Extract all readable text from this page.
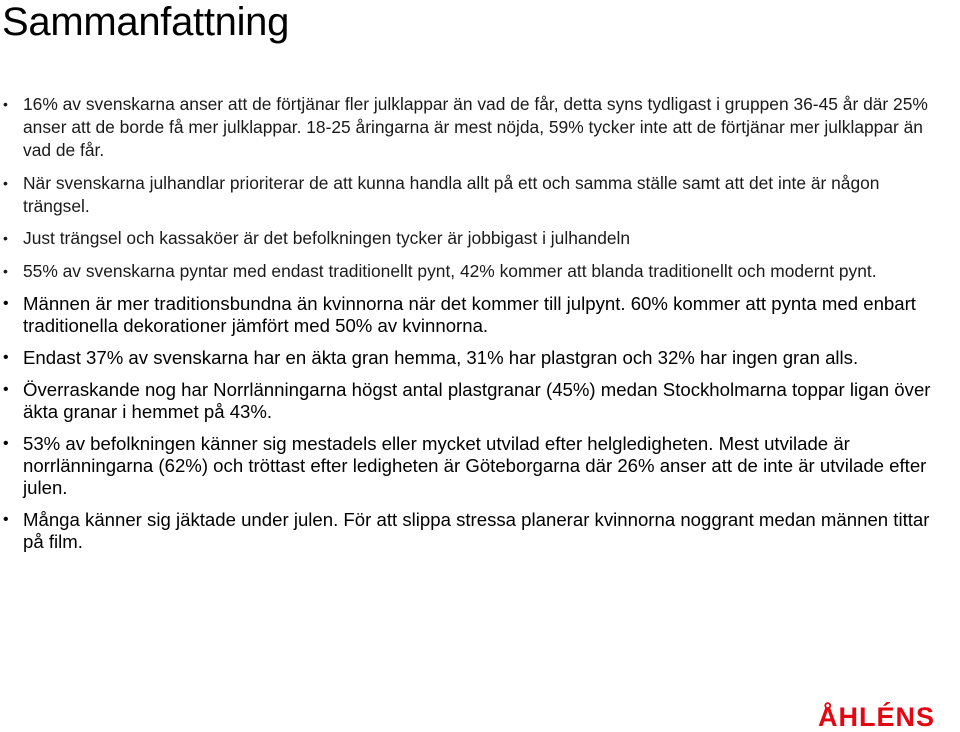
Sammanfattning
• 16% av svenskarna anser att de förtjänar fler julklappar än vad de får, detta syns tydligast i gruppen 36-45 år där 25% anser att de borde få mer julklappar. 18-25 åringarna är mest nöjda, 59% tycker inte att de förtjänar mer julklappar än vad de får.
• När svenskarna julhandlar prioriterar de att kunna handla allt på ett och samma ställe samt att det inte är någon trängsel.
• Just trängsel och kassaköer är det befolkningen tycker är jobbigast i julhandeln
• 55% av svenskarna pyntar med endast traditionellt pynt, 42% kommer att blanda traditionellt och modernt pynt.
• Männen är mer traditionsbundna än kvinnorna när det kommer till julpynt. 60% kommer att pynta med enbart traditionella dekorationer jämfört med 50% av kvinnorna.
• Endast 37% av svenskarna har en äkta gran hemma, 31% har plastgran och 32% har ingen gran alls.
• Överraskande nog har Norrlänningarna högst antal plastgranar (45%) medan Stockholmarna toppar ligan över äkta granar i hemmet på 43%.
• 53% av befolkningen känner sig mestadels eller mycket utvilad efter helgledigheten. Mest utvilade är norrlänningarna (62%) och tröttast efter ledigheten är Göteborgarna där 26% anser att de inte är utvilade efter julen.
• Många känner sig jäktade under julen. För att slippa stressa planerar kvinnorna noggrant medan männen tittar på film.
ÅHLÉNS
